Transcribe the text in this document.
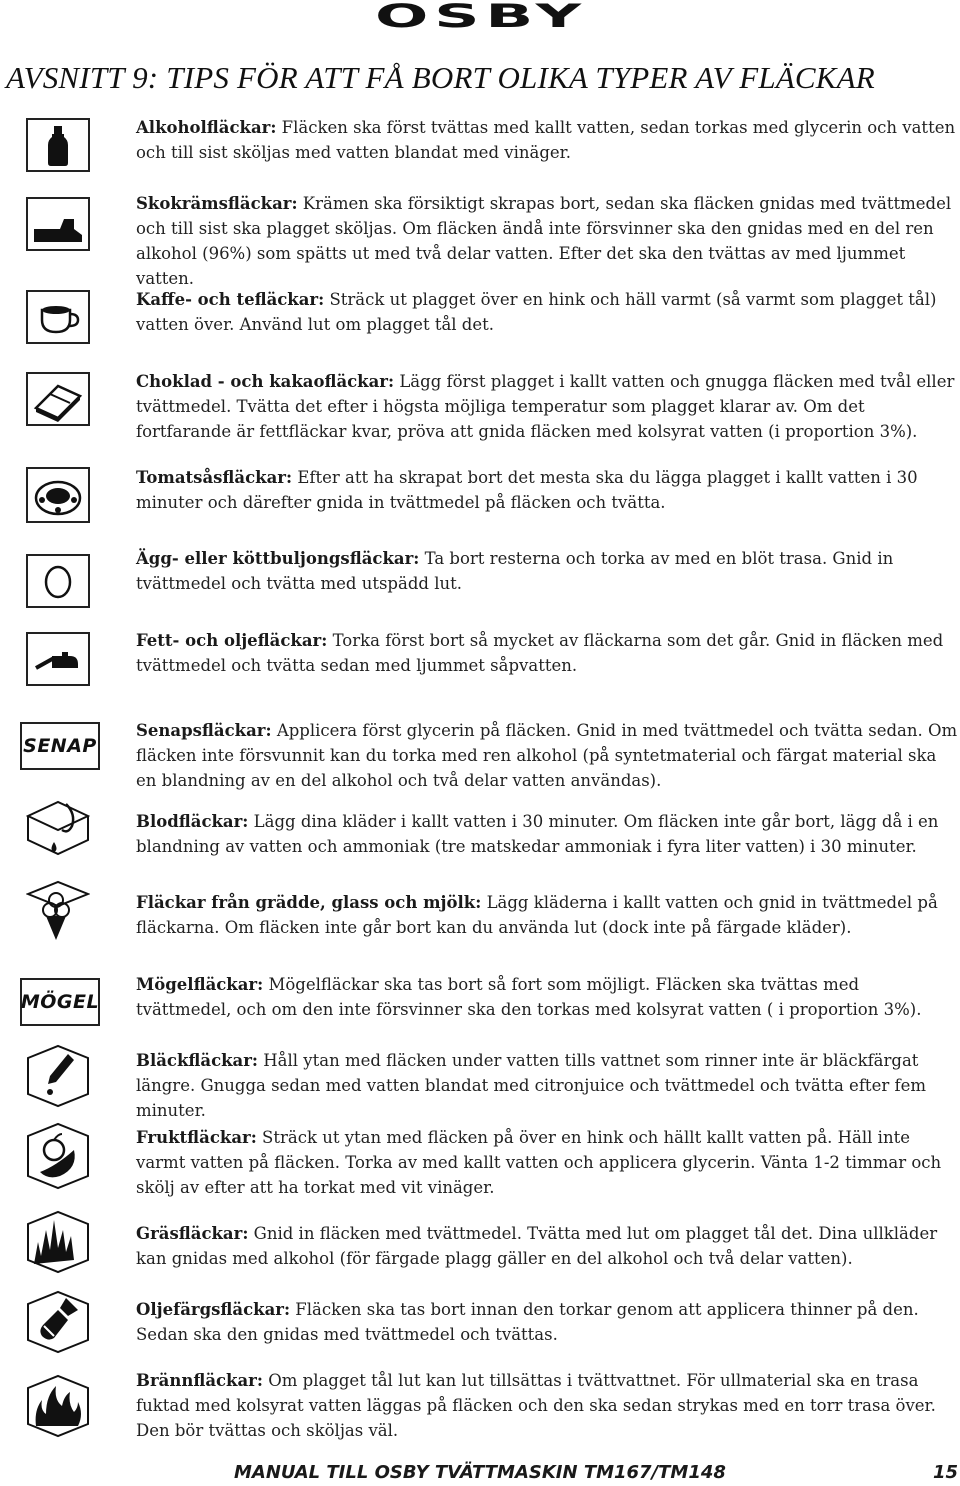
OSBY
AVSNITT 9: TIPS FÖR ATT FÅ BORT OLIKA TYPER AV FLÄCKAR
Alkoholfläckar: Fläcken ska först tvättas med kallt vatten, sedan torkas med glycerin och vatten och till sist sköljas med vatten blandat med vinäger.
Skokrämsfläckar: Krämen ska försiktigt skrapas bort, sedan ska fläcken gnidas med tvättmedel och till sist ska plagget sköljas. Om fläcken ändå inte försvinner ska den gnidas med en del ren alkohol (96%) som spätts ut med två delar vatten. Efter det ska den tvättas av med ljummet vatten.
Kaffe- och tefläckar: Sträck ut plagget över en hink och häll varmt (så varmt som plagget tål) vatten över. Använd lut om plagget tål det.
Choklad - och kakaofläckar: Lägg först plagget i kallt vatten och gnugga fläcken med tvål eller tvättmedel. Tvätta det efter i högsta möjliga temperatur som plagget klarar av. Om det fortfarande är fettfläckar kvar, pröva att gnida fläcken med kolsyrat vatten (i proportion 3%).
Tomatsåsfläckar: Efter att ha skrapat bort det mesta ska du lägga plagget i kallt vatten i 30 minuter och därefter gnida in tvättmedel på fläcken och tvätta.
Ägg- eller köttbuljongsfläckar: Ta bort resterna och torka av med en blöt trasa. Gnid in tvättmedel och tvätta med utspädd lut.
Fett- och oljefläckar: Torka först bort så mycket av fläckarna som det går. Gnid in fläcken med tvättmedel och tvätta sedan med ljummet såpvatten.
Senapsfläckar: Applicera först glycerin på fläcken. Gnid in med tvättmedel och tvätta sedan. Om fläcken inte försvunnit kan du torka med ren alkohol (på syntetmaterial och färgat material ska en blandning av en del alkohol och två delar vatten användas).
Blodfläckar: Lägg dina kläder i kallt vatten i 30 minuter. Om fläcken inte går bort, lägg då i en blandning av vatten och ammoniak (tre matskedar ammoniak i fyra liter vatten) i 30 minuter.
Fläckar från grädde, glass och mjölk: Lägg kläderna i kallt vatten och gnid in tvättmedel på fläckarna. Om fläcken inte går bort kan du använda lut (dock inte på färgade kläder).
Mögelfläckar: Mögelfläckar ska tas bort så fort som möjligt. Fläcken ska tvättas med tvättmedel, och om den inte försvinner ska den torkas med kolsyrat vatten ( i proportion 3%).
Bläckfläckar: Håll ytan med fläcken under vatten tills vattnet som rinner inte är bläckfärgat längre. Gnugga sedan med vatten blandat med citronjuice och tvättmedel och tvätta efter fem minuter.
Fruktfläckar: Sträck ut ytan med fläcken på över en hink och hällt kallt vatten på. Häll inte varmt vatten på fläcken. Torka av med kallt vatten och applicera glycerin. Vänta 1-2 timmar och skölj av efter att ha torkat med vit vinäger.
Gräsfläckar: Gnid in fläcken med tvättmedel. Tvätta med lut om plagget tål det. Dina ullkläder kan gnidas med alkohol (för färgade plagg gäller en del alkohol och två delar vatten).
Oljefärgsfläckar: Fläcken ska tas bort innan den torkar genom att applicera thinner på den. Sedan ska den gnidas med tvättmedel och tvättas.
Brännfläckar: Om plagget tål lut kan lut tillsättas i tvättvattnet. För ullmaterial ska en trasa fuktad med kolsyrat vatten läggas på fläcken och den ska sedan strykas med en torr trasa över. Den bör tvättas och sköljas väl.
SENAP
MÖGEL
MANUAL TILL OSBY TVÄTTMASKIN TM167/TM148	15
